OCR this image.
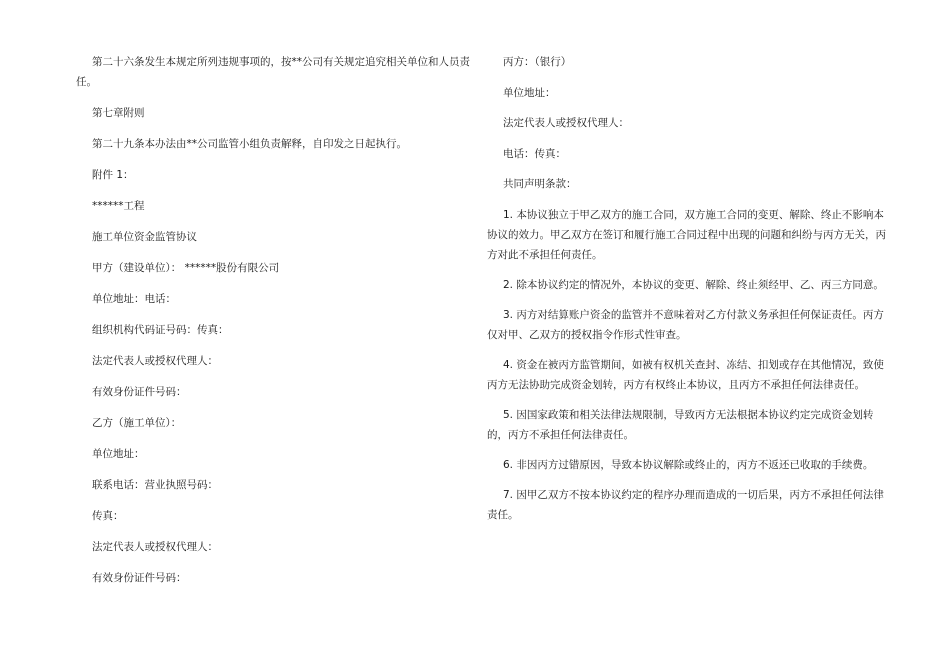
第二十六条发生本规定所列违规事项的，按**公司有关规定追究相关单位和人员责任。

第七章附则

第二十九条本办法由**公司监管小组负责解释，自印发之日起执行。

附件 1：

******工程

施工单位资金监管协议

甲方（建设单位）： ******股份有限公司

单位地址：电话：

组织机构代码证号码：传真：

法定代表人或授权代理人：

有效身份证件号码：

乙方（施工单位）：

单位地址：

联系电话：营业执照号码：

传真：

法定代表人或授权代理人：

有效身份证件号码：

丙方：（银行）

单位地址：

法定代表人或授权代理人：

电话：传真：

共同声明条款：

1. 本协议独立于甲乙双方的施工合同，双方施工合同的变更、解除、终止不影响本协议的效力。甲乙双方在签订和履行施工合同过程中出现的问题和纠纷与丙方无关，丙方对此不承担任何责任。

2. 除本协议约定的情况外，本协议的变更、解除、终止须经甲、乙、丙三方同意。

3. 丙方对结算账户资金的监管并不意味着对乙方付款义务承担任何保证责任。丙方仅对甲、乙双方的授权指令作形式性审查。

4. 资金在被丙方监管期间，如被有权机关查封、冻结、扣划或存在其他情况，致使丙方无法协助完成资金划转，丙方有权终止本协议，且丙方不承担任何法律责任。

5. 因国家政策和相关法律法规限制，导致丙方无法根据本协议约定完成资金划转的，丙方不承担任何法律责任。

6. 非因丙方过错原因，导致本协议解除或终止的，丙方不返还已收取的手续费。

7. 因甲乙双方不按本协议约定的程序办理而造成的一切后果，丙方不承担任何法律责任。
